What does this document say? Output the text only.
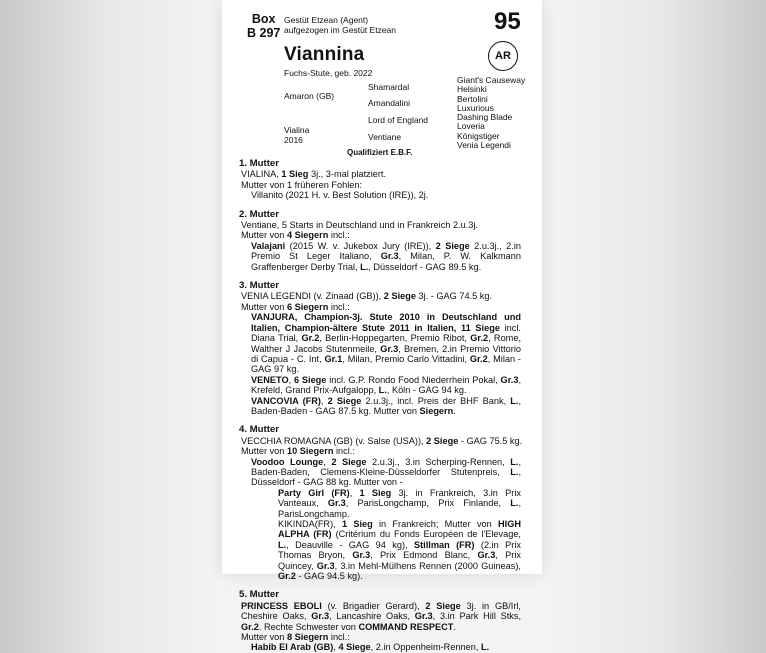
Box
B 297
Gestüt Etzean (Agent)
aufgezogen im Gestüt Etzean	95
AR
Viannina
Fuchs-Stute, geb. 2022
Amaron (GB)
Vialina
2016
Shamardal
Amandalini
Lord of England
Ventiane
Giant's Causeway
Helsinki
Bertolini
Luxurious
Dashing Blade
Loveria
Königstiger
Venia Legendi
Qualifiziert E.B.F.
1. Mutter
VIALINA, 1 Sieg 3j., 3-mal platziert.
Mutter von 1 früheren Fohlen:
Villanito (2021 H. v. Best Solution (IRE)), 2j.
2. Mutter
Ventiane, 5 Starts in Deutschland und in Frankreich 2.u.3j.
Mutter von 4 Siegern incl.:
Valajani (2015 W. v. Jukebox Jury (IRE)), 2 Siege 2.u.3j., 2.in Premio St Leger Italiano, Gr.3, Milan, P. W. Kalkmann Graffenberger Derby Trial, L., Düsseldorf - GAG 89.5 kg.
3. Mutter
VENIA LEGENDI (v. Zinaad (GB)), 2 Siege 3j. - GAG 74.5 kg.
Mutter von 6 Siegern incl.:
VANJURA, Champion-3j. Stute 2010 in Deutschland und Italien, Champion-ältere Stute 2011 in Italien, 11 Siege incl. Diana Trial, Gr.2, Berlin-Hoppegarten, Premio Ribot, Gr.2, Rome, Walther J Jacobs Stutenmeile, Gr.3, Bremen, 2.in Premio Vittorio di Capua - C. Int, Gr.1, Milan, Premio Carlo Vittadini, Gr.2, Milan - GAG 97 kg.
VENETO, 6 Siege incl. G.P. Rondo Food Niederrhein Pokal, Gr.3, Krefeld, Grand Prix-Aufgalopp, L., Köln - GAG 94 kg.
VANCOVIA (FR), 2 Siege 2.u.3j., incl. Preis der BHF Bank, L., Baden-Baden - GAG 87.5 kg. Mutter von Siegern.
4. Mutter
VECCHIA ROMAGNA (GB) (v. Salse (USA)), 2 Siege - GAG 75.5 kg.
Mutter von 10 Siegern incl.:
Voodoo Lounge, 2 Siege 2.u.3j., 3.in Scherping-Rennen, L., Baden-Baden, Clemens-Kleine-Düsseldorfer Stutenpreis, L., Düsseldorf - GAG 88 kg. Mutter von -
Party Girl (FR), 1 Sieg 3j. in Frankreich, 3.in Prix Vanteaux, Gr.3, ParisLongchamp, Prix Finlande, L., ParisLongchamp.
KIKINDA(FR), 1 Sieg in Frankreich; Mutter von HIGH ALPHA (FR) (Critérium du Fonds Européen de l'Elevage, L., Deauville - GAG 94 kg), Stillman (FR) (2.in Prix Thomas Bryon, Gr.3, Prix Edmond Blanc, Gr.3, Prix Quincey, Gr.3, 3.in Mehl-Mülhens Rennen (2000 Guineas), Gr.2 - GAG 94.5 kg).
5. Mutter
PRINCESS EBOLI (v. Brigadier Gerard), 2 Siege 3j. in GB/Irl, Cheshire Oaks, Gr.3, Lancashire Oaks, Gr.3, 3.in Park Hill Stks, Gr.2. Rechte Schwester von COMMAND RESPECT.
Mutter von 8 Siegern incl.:
Habib El Arab (GB), 4 Siege, 2.in Oppenheim-Rennen, L.
